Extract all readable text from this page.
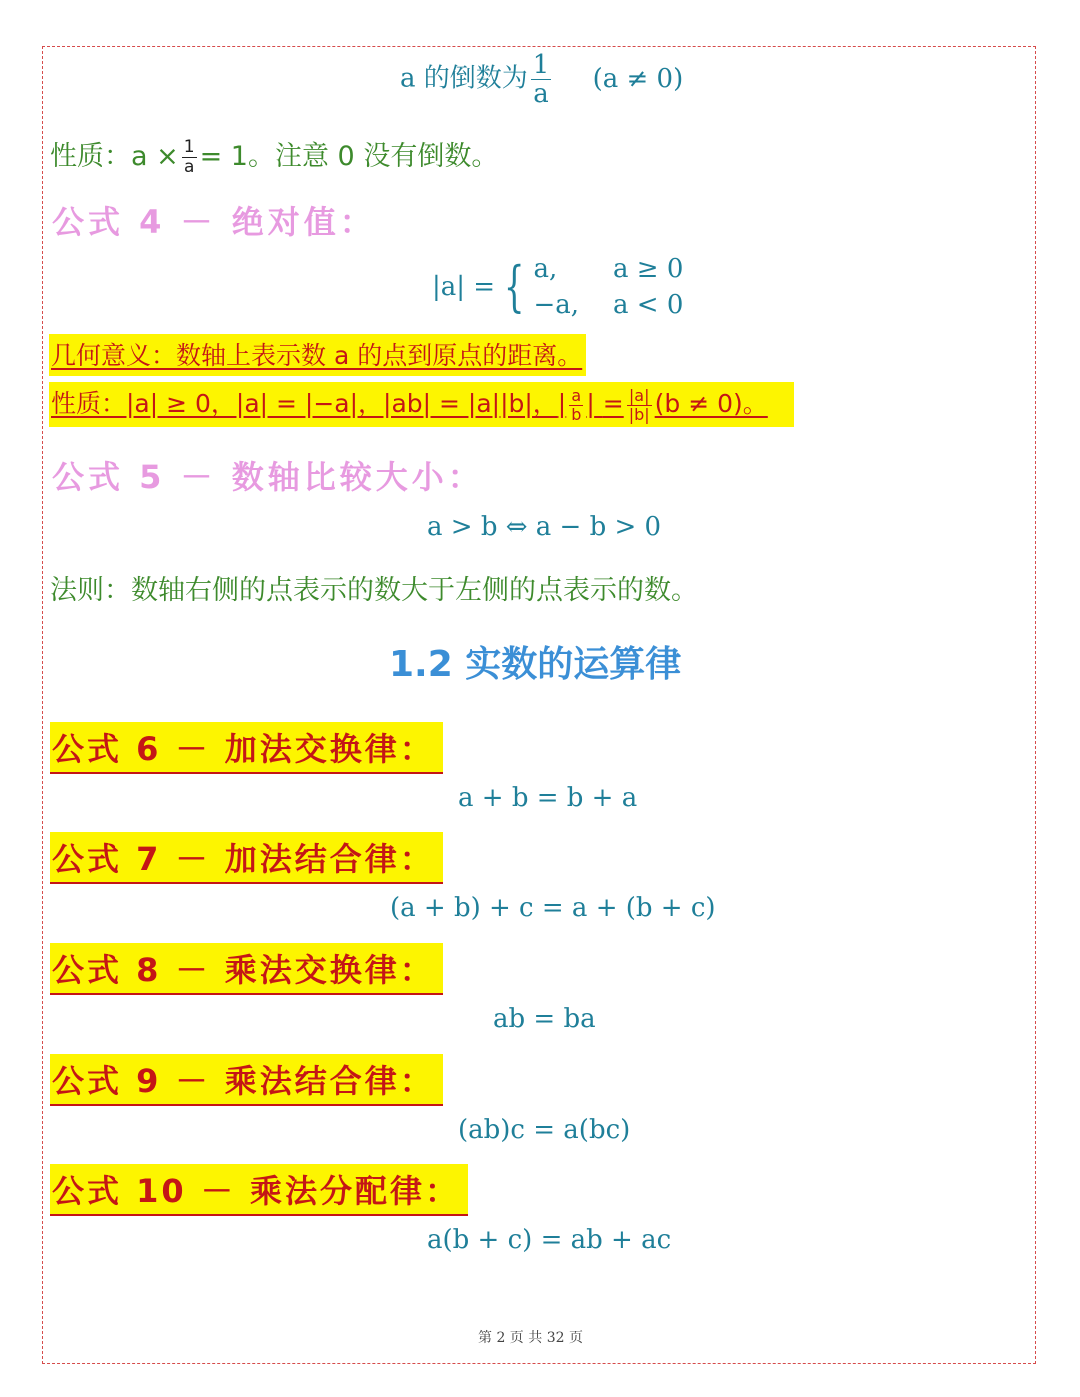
a 的倒数为 $\frac{1}{a} (a \ne 0)$
性质：$a \times \frac{1}{a} = 1$。注意 0 没有倒数。
公式 4 － 绝对值：
|a| = { a,	a ≥ 0
−a, a < 0
几何意义：数轴上表示数 a 的点到原点的距离。
性质：|a| ≥ 0，|a| = |−a|，|ab| = |a||b|，| $\frac{a}{b}$ | = $\frac{|a|}{|b|} (b \ne 0)$。
公式 5 － 数轴比较大小：
a > b ⇔ a − b > 0
法则：数轴右侧的点表示的数大于左侧的点表示的数。
1.2 实数的运算律
公式 6 － 加法交换律：
a + b = b + a
公式 7 － 加法结合律：
(a + b) + c = a + (b + c)
公式 8 － 乘法交换律：
ab = ba
公式 9 － 乘法结合律：
(ab)c = a(bc)
公式 10 － 乘法分配律：
a(b + c) = ab + ac
第 2 页 共 32 页
